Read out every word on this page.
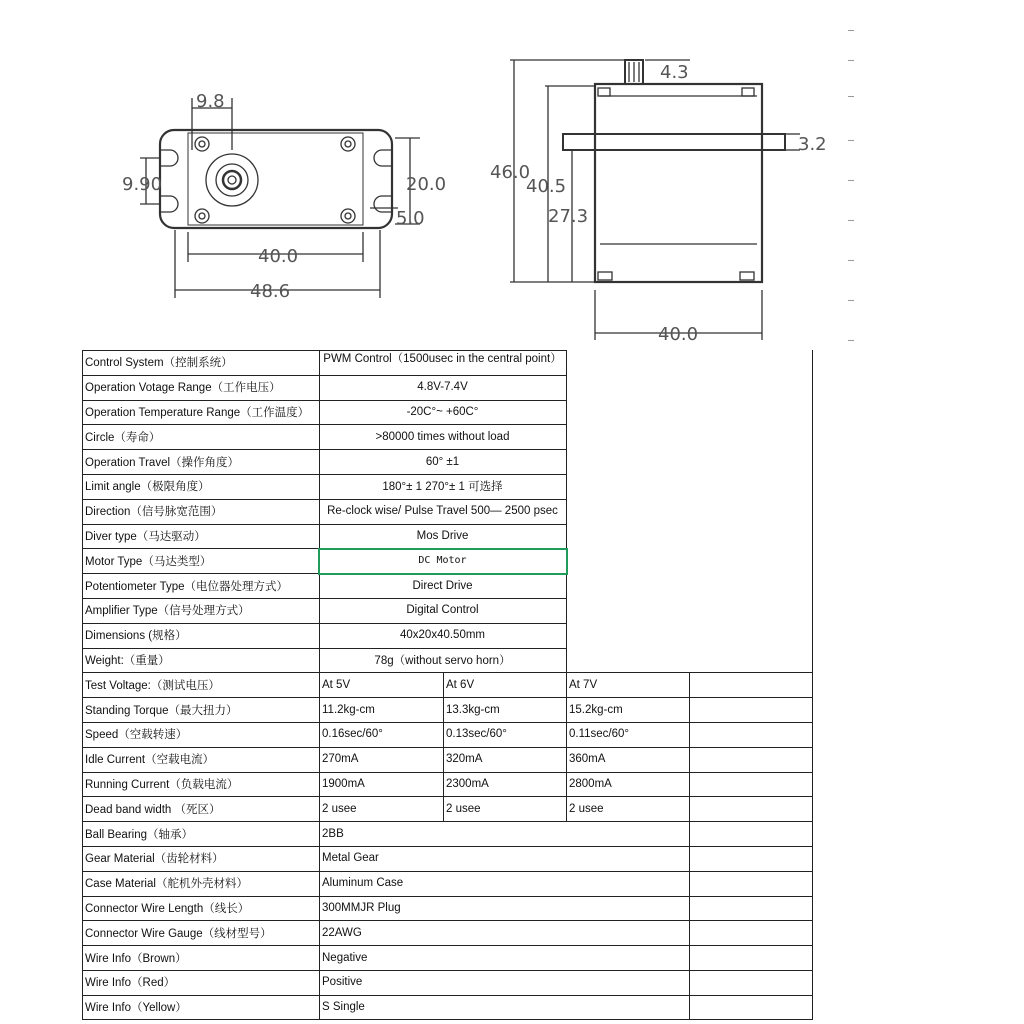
9.8
9.90	20.0
5.0
40.0
48.6
4.3
3.2
46.0
40.5
27.3
40.0
Control System（控制系统）	PWM Control（1500usec in the central point）
Operation Votage Range（工作电压）	4.8V-7.4V
Operation Temperature Range（工作温度）	-20C°~ +60C°
Circle（寿命）	>80000 times without load
Operation Travel（操作角度）	60° ±1
Limit angle（极限角度）	180°± 1 270°± 1 可选择
Direction（信号脉宽范围）	Re-clock wise/ Pulse Travel 500— 2500 psec
Diver type（马达驱动）	Mos Drive
Motor Type（马达类型）	DC Motor
Potentiometer Type（电位器处理方式）	Direct Drive
Amplifier Type（信号处理方式）	Digital Control
Dimensions (规格）	40x20x40.50mm
Weight:（重量）	78g（without servo horn）
Test Voltage:（测试电压）	At 5V	At 6V	At 7V
Standing Torque（最大扭力）	11.2kg-cm	13.3kg-cm	15.2kg-cm
Speed（空载转速）	0.16sec/60°	0.13sec/60°	0.11sec/60°
Idle Current（空载电流）	270mA	320mA	360mA
Running Current（负载电流）	1900mA	2300mA	2800mA
Dead band width （死区）	2 usee	2 usee	2 usee
Ball Bearing（轴承）	2BB
Gear Material（齿轮材料）	Metal Gear
Case Material（舵机外壳材料）	Aluminum Case
Connector Wire Length（线长）	300MMJR Plug
Connector Wire Gauge（线材型号）	22AWG
Wire Info（Brown）	Negative
Wire Info（Red）	Positive
Wire Info（Yellow）	S Single
